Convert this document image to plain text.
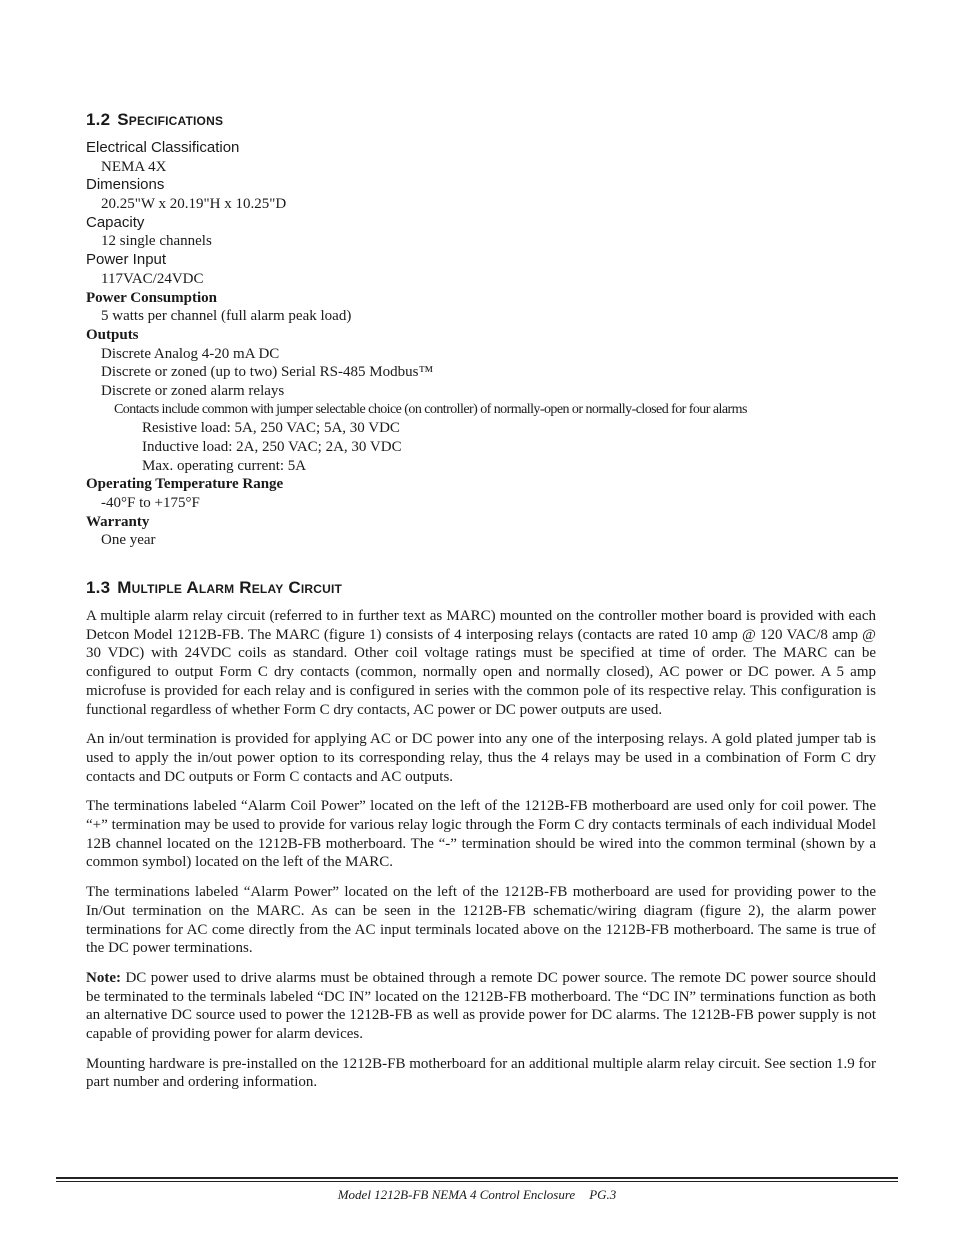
1.2 Specifications
Electrical Classification
NEMA 4X
Dimensions
20.25"W x 20.19"H x 10.25"D
Capacity
12 single channels
Power Input
117VAC/24VDC
Power Consumption
5 watts per channel (full alarm peak load)
Outputs
Discrete Analog 4-20 mA DC
Discrete or zoned (up to two) Serial RS-485 Modbus™
Discrete or zoned alarm relays
Contacts include common with jumper selectable choice (on controller) of normally-open or normally-closed for four alarms
Resistive load: 5A, 250 VAC; 5A, 30 VDC
Inductive load: 2A, 250 VAC; 2A, 30 VDC
Max. operating current: 5A
Operating Temperature Range
-40°F to +175°F
Warranty
One year
1.3 Multiple Alarm Relay Circuit

A multiple alarm relay circuit (referred to in further text as MARC) mounted on the controller mother board is provided with each Detcon Model 1212B-FB. The MARC (figure 1) consists of 4 interposing relays (contacts are rated 10 amp @ 120 VAC/8 amp @ 30 VDC) with 24VDC coils as standard. Other coil voltage ratings must be specified at time of order. The MARC can be configured to output Form C dry contacts (common, normally open and normally closed), AC power or DC power. A 5 amp microfuse is provided for each relay and is configured in series with the common pole of its respective relay. This configuration is functional regardless of whether Form C dry contacts, AC power or DC power outputs are used.

An in/out termination is provided for applying AC or DC power into any one of the interposing relays. A gold plated jumper tab is used to apply the in/out power option to its corresponding relay, thus the 4 relays may be used in a combination of Form C dry contacts and DC outputs or Form C contacts and AC outputs.

The terminations labeled “Alarm Coil Power” located on the left of the 1212B-FB motherboard are used only for coil power. The “+” termination may be used to provide for various relay logic through the Form C dry contacts terminals of each individual Model 12B channel located on the 1212B-FB motherboard. The “-” termination should be wired into the common terminal (shown by a common symbol) located on the left of the MARC.

The terminations labeled “Alarm Power” located on the left of the 1212B-FB motherboard are used for providing power to the In/Out termination on the MARC. As can be seen in the 1212B-FB schematic/wiring diagram (figure 2), the alarm power terminations for AC come directly from the AC input terminals located above on the 1212B-FB motherboard. The same is true of the DC power terminations.

Note: DC power used to drive alarms must be obtained through a remote DC power source. The remote DC power source should be terminated to the terminals labeled “DC IN” located on the 1212B-FB motherboard. The “DC IN” terminations function as both an alternative DC source used to power the 1212B-FB as well as provide power for DC alarms. The 1212B-FB power supply is not capable of providing power for alarm devices.

Mounting hardware is pre-installed on the 1212B-FB motherboard for an additional multiple alarm relay circuit. See section 1.9 for part number and ordering information.

Model 1212B-FB NEMA 4 Control Enclosure PG.3
